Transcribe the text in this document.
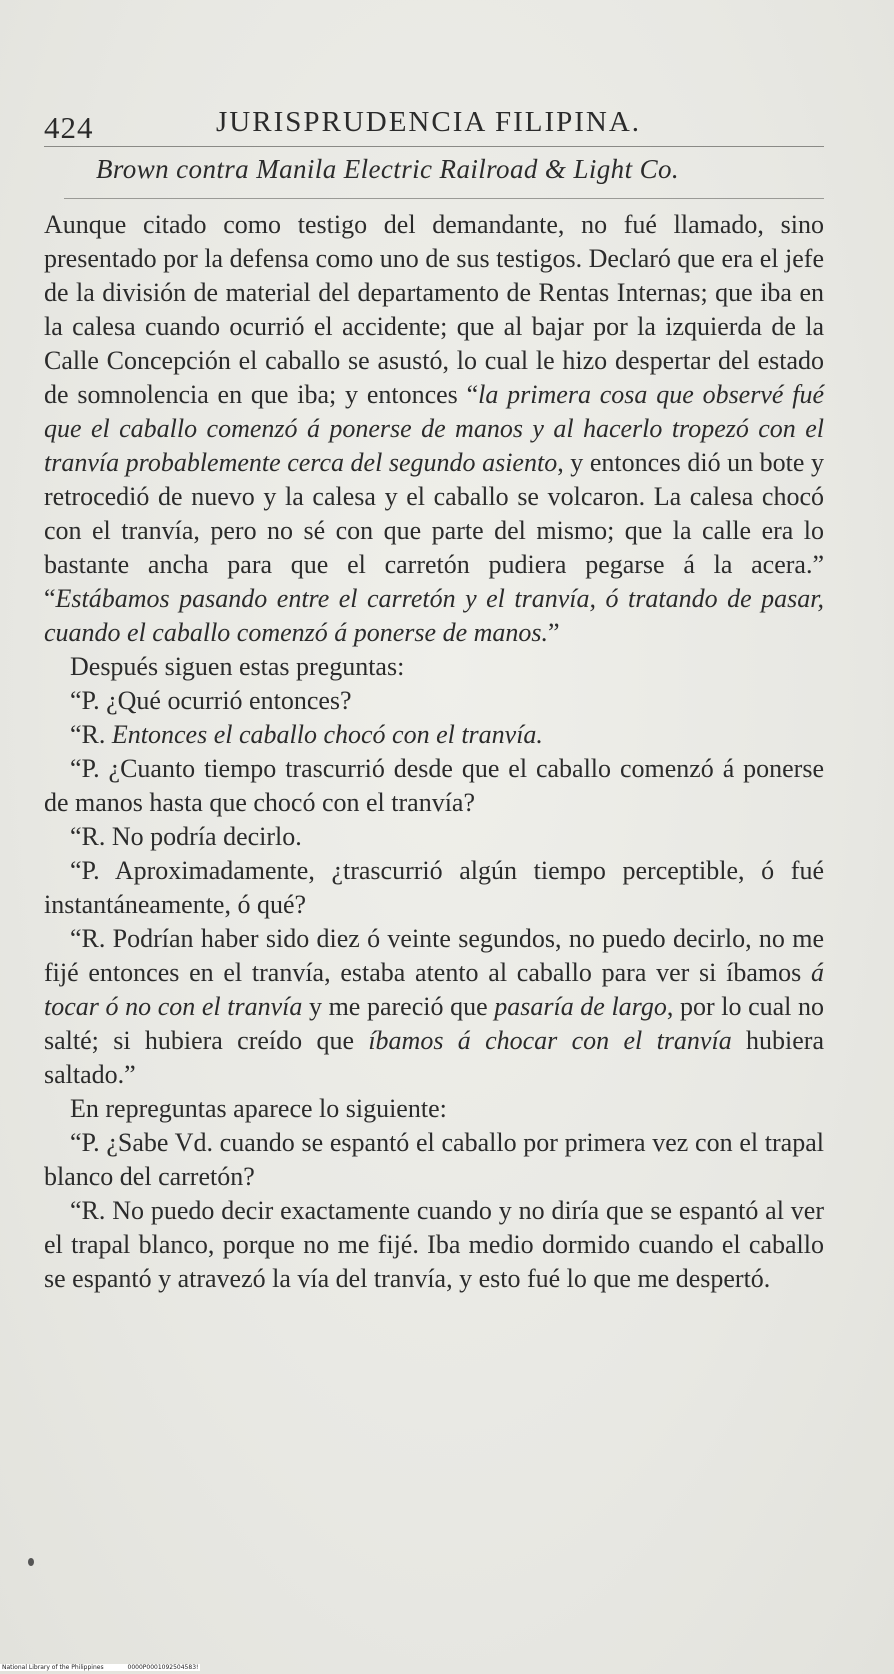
424	JURISPRUDENCIA FILIPINA.
Brown contra Manila Electric Railroad & Light Co.

Aunque citado como testigo del demandante, no fué llamado, sino presentado por la defensa como uno de sus testigos. Declaró que era el jefe de la división de material del departamento de Rentas Internas; que iba en la calesa cuando ocurrió el accidente; que al bajar por la izquierda de la Calle Concepción el caballo se asustó, lo cual le hizo despertar del estado de somnolencia en que iba; y entonces “la primera cosa que observé fué que el caballo comenzó á ponerse de manos y al hacerlo tropezó con el tranvía probablemente cerca del segundo asiento, y entonces dió un bote y retrocedió de nuevo y la calesa y el caballo se volcaron. La calesa chocó con el tranvía, pero no sé con que parte del mismo; que la calle era lo bastante ancha para que el carretón pudiera pegarse á la acera.” “Estábamos pasando entre el carretón y el tranvía, ó tratando de pasar, cuando el caballo comenzó á ponerse de manos.”

Después siguen estas preguntas:

“P. ¿Qué ocurrió entonces?

“R. Entonces el caballo chocó con el tranvía.

“P. ¿Cuanto tiempo trascurrió desde que el caballo comenzó á ponerse de manos hasta que chocó con el tranvía?

“R. No podría decirlo.

“P. Aproximadamente, ¿trascurrió algún tiempo perceptible, ó fué instantáneamente, ó qué?

“R. Podrían haber sido diez ó veinte segundos, no puedo decirlo, no me fijé entonces en el tranvía, estaba atento al caballo para ver si íbamos á tocar ó no con el tranvía y me pareció que pasaría de largo, por lo cual no salté; si hubiera creído que íbamos á chocar con el tranvía hubiera saltado.”

En repreguntas aparece lo siguiente:

“P. ¿Sabe Vd. cuando se espantó el caballo por primera vez con el trapal blanco del carretón?

“R. No puedo decir exactamente cuando y no diría que se espantó al ver el trapal blanco, porque no me fijé. Iba medio dormido cuando el caballo se espantó y atravezó la vía del tranvía, y esto fué lo que me despertó.

National Library of the Philippines	0000P0001092504583!
